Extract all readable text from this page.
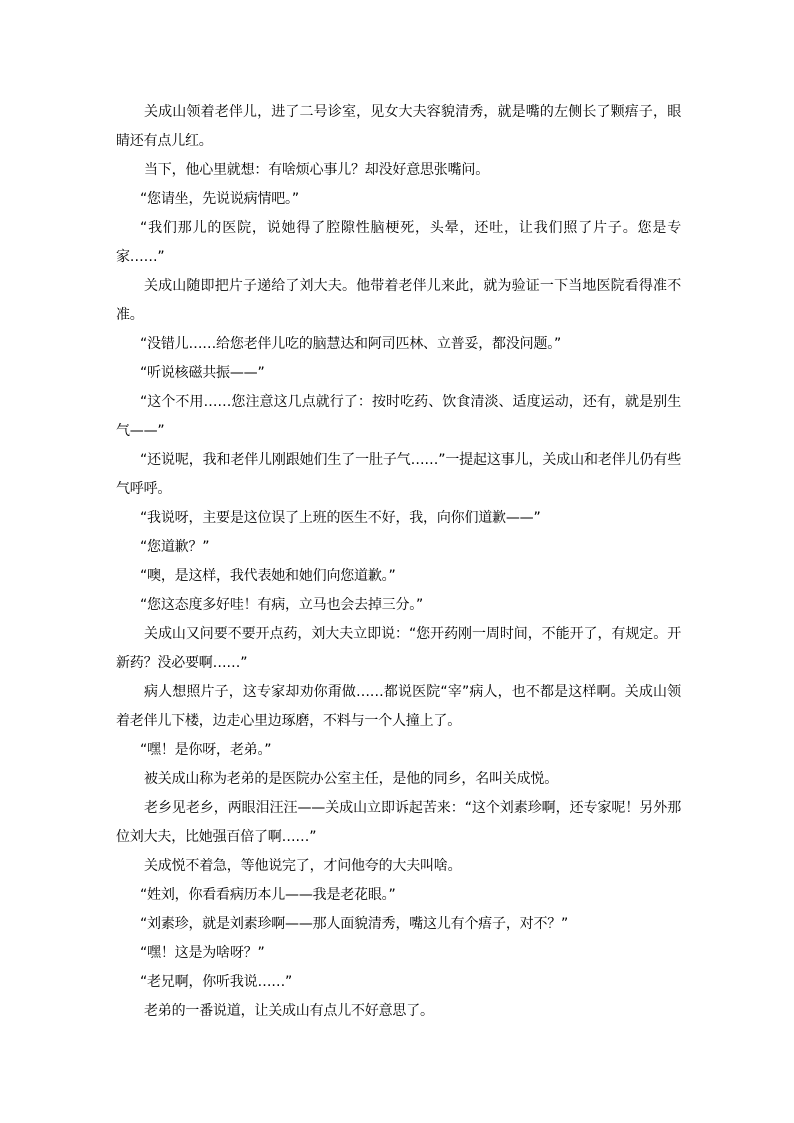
关成山领着老伴儿，进了二号诊室，见女大夫容貌清秀，就是嘴的左侧长了颗痦子，眼睛还有点儿红。

当下，他心里就想：有啥烦心事儿？却没好意思张嘴问。

“您请坐，先说说病情吧。”

“我们那儿的医院，说她得了腔隙性脑梗死，头晕，还吐，让我们照了片子。您是专家……”

关成山随即把片子递给了刘大夫。他带着老伴儿来此，就为验证一下当地医院看得准不准。

“没错儿……给您老伴儿吃的脑慧达和阿司匹林、立普妥，都没问题。”

“听说核磁共振——”

“这个不用……您注意这几点就行了：按时吃药、饮食清淡、适度运动，还有，就是别生气——”

“还说呢，我和老伴儿刚跟她们生了一肚子气……”一提起这事儿，关成山和老伴儿仍有些气呼呼。

“我说呀，主要是这位误了上班的医生不好，我，向你们道歉——”

“您道歉？”

“噢，是这样，我代表她和她们向您道歉。”

“您这态度多好哇！有病，立马也会去掉三分。”

关成山又问要不要开点药，刘大夫立即说：“您开药刚一周时间，不能开了，有规定。开新药？没必要啊……”

病人想照片子，这专家却劝你甭做……都说医院“宰”病人，也不都是这样啊。关成山领着老伴儿下楼，边走心里边琢磨，不料与一个人撞上了。

“嘿！是你呀，老弟。”

被关成山称为老弟的是医院办公室主任，是他的同乡，名叫关成悦。

老乡见老乡，两眼泪汪汪——关成山立即诉起苦来：“这个刘素珍啊，还专家呢！另外那位刘大夫，比她强百倍了啊……”

关成悦不着急，等他说完了，才问他夸的大夫叫啥。

“姓刘，你看看病历本儿——我是老花眼。”

“刘素珍，就是刘素珍啊——那人面貌清秀，嘴这儿有个痦子，对不？”

“嘿！这是为啥呀？”

“老兄啊，你听我说……”

老弟的一番说道，让关成山有点儿不好意思了。
